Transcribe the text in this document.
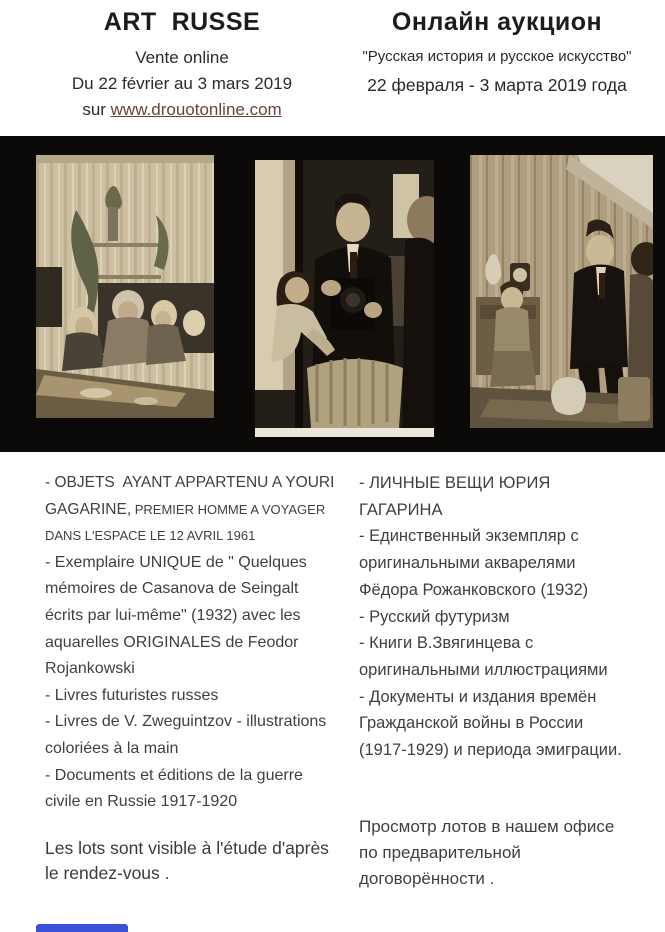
ART  RUSSE

Vente online

Du 22 février au 3 mars 2019

sur www.drouotonline.com

Онлайн аукцион

"Русская история и русское искусство"

22 февраля - 3 марта 2019 года

- OBJETS  AYANT APPARTENU A YOURI GAGARINE, PREMIER HOMME A VOYAGER DANS L'ESPACE LE 12 AVRIL 1961

- Exemplaire UNIQUE de " Quelques mémoires de Casanova de Seingalt écrits par lui-même" (1932) avec les aquarelles ORIGINALES de Feodor Rojankowski

- Livres futuristes russes

- Livres de V. Zweguintzov - illustrations coloriées à la main

- Documents et éditions de la guerre civile en Russie 1917-1920

Les lots sont visible à l'étude d'après le rendez-vous .

- ЛИЧНЫЕ ВЕЩИ ЮРИЯ ГАГАРИНА

- Единственный экземпляр с оригинальными акварелями Фёдора Рожанковского (1932)

- Русский футуризм

- Книги В.Звягинцева с оригинальными иллюстрациями

- Документы и издания времён Гражданской войны в России (1917-1929) и периода эмиграции.

Просмотр лотов в нашем офисе по предварительной договорённости .
